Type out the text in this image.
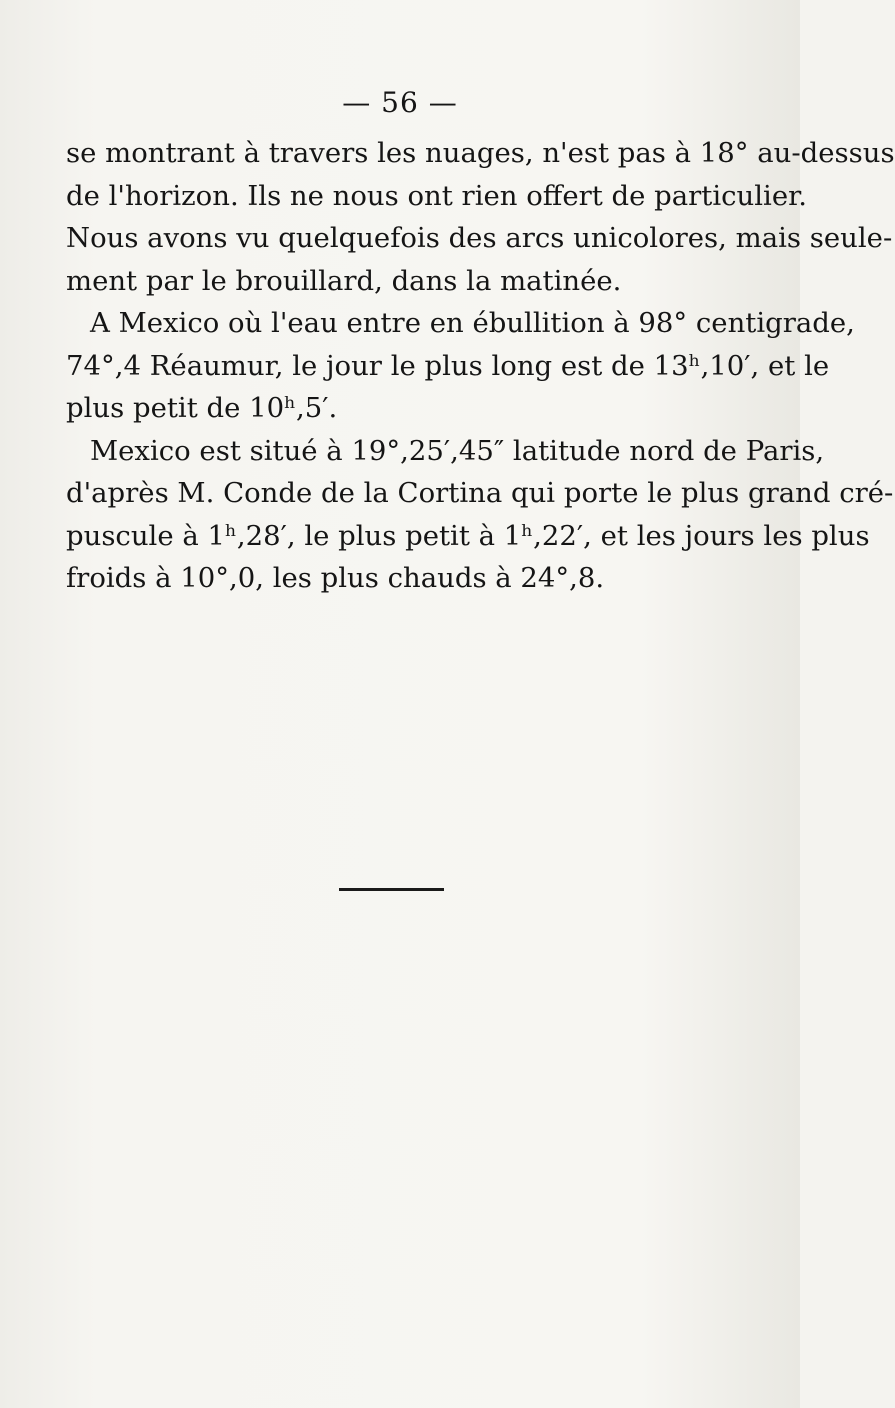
— 56 —
se montrant à travers les nuages, n'est pas à 18° au-dessus
de l'horizon. Ils ne nous ont rien offert de particulier.
Nous avons vu quelquefois des arcs unicolores, mais seule-
ment par le brouillard, dans la matinée.
A Mexico où l'eau entre en ébullition à 98° centigrade,
74°,4 Réaumur, le jour le plus long est de 13ʰ,10′, et le
plus petit de 10ʰ,5′.
Mexico est situé à 19°,25′,45″ latitude nord de Paris,
d'après M. Conde de la Cortina qui porte le plus grand cré-
puscule à 1ʰ,28′, le plus petit à 1ʰ,22′, et les jours les plus
froids à 10°,0, les plus chauds à 24°,8.
